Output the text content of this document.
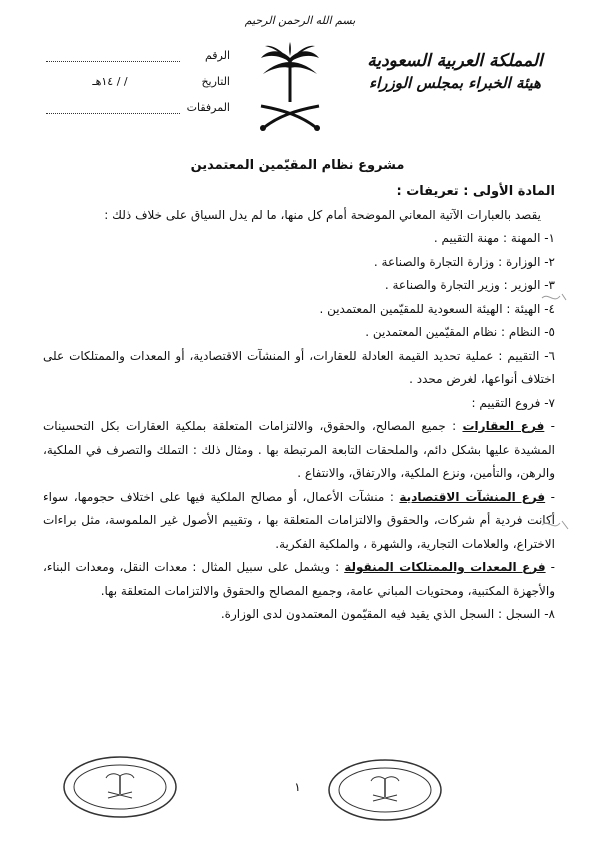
بسم الله الرحمن الرحيم
المملكة العربية السعودية
هيئة الخبراء بمجلس الوزراء
الرقم
التاريخ
/ / ١٤هـ
المرفقات
مشروع نظام المقيّمين المعتمدين

المادة الأولى : تعريفات :

يقصد بالعبارات الآتية المعاني الموضحة أمام كل منها، ما لم يدل السياق على خلاف ذلك :

١- المهنة : مهنة التقييم .

٢- الوزارة : وزارة التجارة والصناعة .

٣- الوزير : وزير التجارة والصناعة .

٤- الهيئة : الهيئة السعودية للمقيّمين المعتمدين .

٥- النظام : نظام المقيّمين المعتمدين .

٦- التقييم : عملية تحديد القيمة العادلة للعقارات، أو المنشآت الاقتصادية، أو المعدات والممتلكات على اختلاف أنواعها، لغرض محدد .

٧- فروع التقييم :

- فرع العقارات : جميع المصالح، والحقوق، والالتزامات المتعلقة بملكية العقارات بكل التحسينات المشيدة عليها بشكل دائم، والملحقات التابعة المرتبطة بها . ومثال ذلك : التملك والتصرف في الملكية، والرهن، والتأمين، ونزع الملكية، والارتفاق، والانتفاع .

- فرع المنشآت الاقتصادية : منشآت الأعمال، أو مصالح الملكية فيها على اختلاف حجومها، سواء أكانت فردية أم شركات، والحقوق والالتزامات المتعلقة بها ، وتقييم الأصول غير الملموسة، مثل براءات الاختراع، والعلامات التجارية، والشهرة ، والملكية الفكرية.

- فرع المعدات والممتلكات المنقولة : ويشمل على سبيل المثال : معدات النقل، ومعدات البناء، والأجهزة المكتبية، ومحتويات المباني عامة، وجميع المصالح والحقوق والالتزامات المتعلقة بها.

٨- السجل : السجل الذي يقيد فيه المقيّمون المعتمدون لدى الوزارة.

١
